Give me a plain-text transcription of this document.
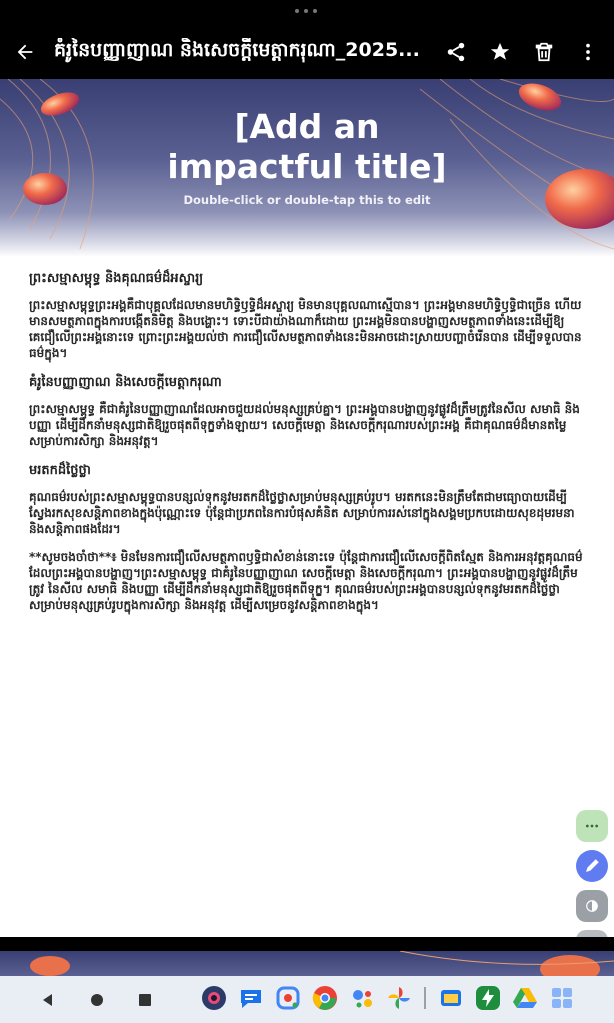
គំរូនៃបញ្ញាញាណ និងសេចក្តីមេត្តាករុណា_2025...
[Add an
impactful title]
Double-click or double-tap this to edit
ព្រះសម្មាសម្ពុទ្ធ និងគុណធម៌ដ៏អស្ចារ្យ

ព្រះសម្មាសម្ពុទ្ធព្រះអង្គគឺជាបុគ្គលដែលមានមហិទ្ធិឫទ្ធិដ៏អស្ចារ្យ មិនមានបុគ្គលណាស្មើបាន។ ព្រះអង្គមានមហិទ្ធិឫទ្ធិជាច្រើន ហើយមានសមត្ថភាពក្នុងការបង្កើតនិមិត្ត និងបង្ហោះ។ ទោះបីជាយ៉ាងណាក៏ដោយ ព្រះអង្គមិនបានបង្ហាញសមត្ថភាពទាំងនេះដើម្បីឱ្យគេជឿលើព្រះអង្គនោះទេ ព្រោះព្រះអង្គយល់ថា ការជឿលើសមត្ថភាពទាំងនេះមិនអាចដោះស្រាយបញ្ហាចំរើនបាន ដើម្បីទទួលបានធម៌ក្នុង។

គំរូនៃបញ្ញាញាណ និងសេចក្តីមេត្តាករុណា

ព្រះសម្មាសម្ពុទ្ធ គឺជាគំរូនៃបញ្ញាញាណដែលអាចជួយដល់មនុស្សគ្រប់គ្នា។ ព្រះអង្គបានបង្ហាញនូវផ្លូវដ៏ត្រឹមត្រូវនៃសីល សមាធិ និងបញ្ញា ដើម្បីដឹកនាំមនុស្សជាតិឱ្យរួចផុតពីទុក្ខទាំងឡាយ។ សេចក្តីមេត្តា និងសេចក្តីករុណារបស់ព្រះអង្គ គឺជាគុណធម៌ដ៏មានតម្លៃសម្រាប់ការសិក្សា និងអនុវត្ត។

មរតកដ៏ថ្លៃថ្លា

គុណធម៌របស់ព្រះសម្មាសម្ពុទ្ធបានបន្សល់ទុកនូវមរតកដ៏ថ្លៃថ្លាសម្រាប់មនុស្សគ្រប់រូប។ មរតកនេះមិនត្រឹមតែជាមធ្យោបាយដើម្បីស្វែងរកសុខសន្តិភាពខាងក្នុងប៉ុណ្ណោះទេ ប៉ុន្តែជាប្រភពនៃការបំផុសគំនិត សម្រាប់ការរស់នៅក្នុងសង្គមប្រកបដោយសុខដុមរមនា និងសន្តិភាពផងដែរ។

**សូមចងចាំថា**៖ មិនមែនការជឿលើសមត្ថភាពឫទ្ធិជាសំខាន់នោះទេ ប៉ុន្តែជាការជឿលើសេចក្តីពិតស្មែត និងការអនុវត្តគុណធម៌ដែលព្រះអង្គបានបង្ហាញ។ព្រះសម្មាសម្ពុទ្ធ ជាគំរូនៃបញ្ញាញាណ សេចក្តីមេត្តា និងសេចក្តីករុណា។ ព្រះអង្គបានបង្ហាញនូវផ្លូវដ៏ត្រឹមត្រូវ នៃសីល សមាធិ និងបញ្ញា ដើម្បីដឹកនាំមនុស្សជាតិឱ្យរួចផុតពីទុក្ខ។ គុណធម៌របស់ព្រះអង្គបានបន្សល់ទុកនូវមរតកដ៏ថ្លៃថ្លា សម្រាប់មនុស្សគ្រប់រូបក្នុងការសិក្សា និងអនុវត្ត ដើម្បីសម្រេចនូវសន្តិភាពខាងក្នុង។
